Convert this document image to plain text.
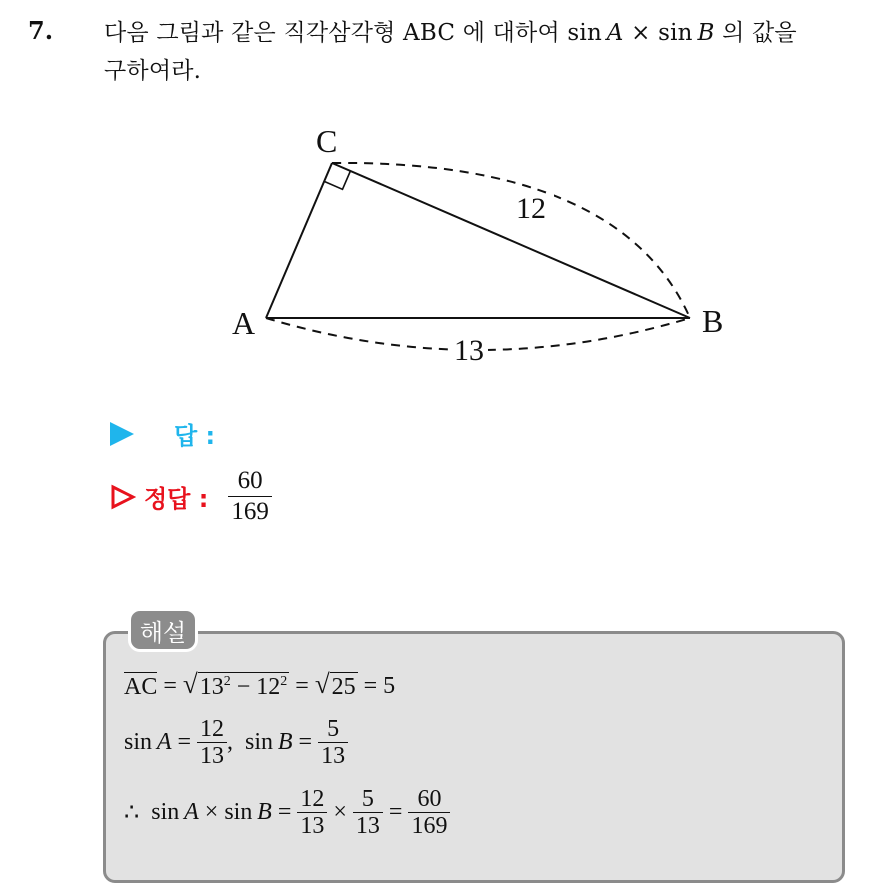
7. 다음 그림과 같은 직각삼각형 ABC 에 대하여 sin  A × sin  B 의 값을
구하여라.
C
A	B
12
13
답 :
정답 : $\frac{60}{169}$
해설
AC = √ $13^2 - 12^2$ = √ 25 = 5
sin
  $A = \frac{12}{13}$ , sin
  $B = \frac{5}{13}$
∴ sin
  A × sin
  $B = \frac{12}{13} \times \frac{5}{13} = \frac{60}{169}$
